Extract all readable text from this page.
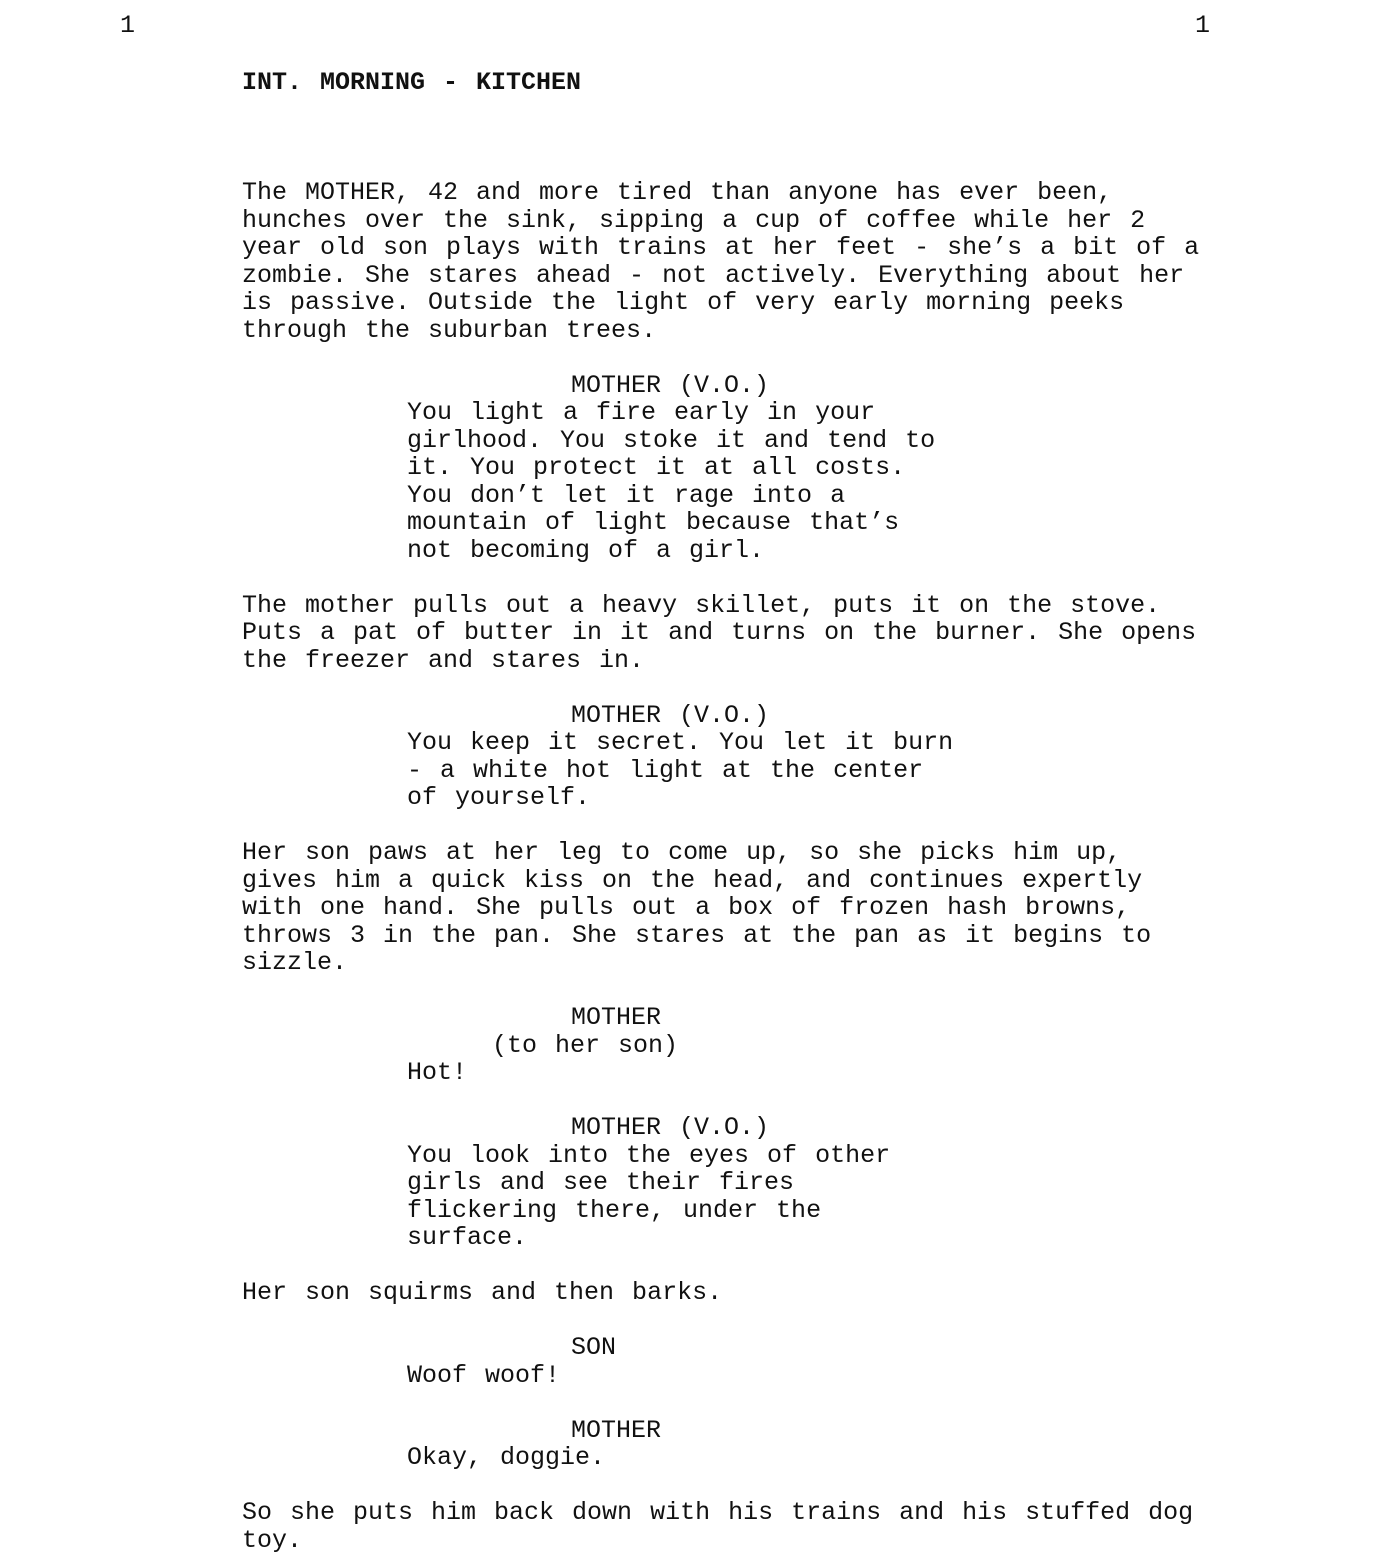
1	1

INT. MORNING - KITCHEN

The MOTHER, 42 and more tired than anyone has ever been,
hunches over the sink, sipping a cup of coffee while her 2
year old son plays with trains at her feet - she’s a bit of a
zombie. She stares ahead - not actively. Everything about her
is passive. Outside the light of very early morning peeks
through the suburban trees.
MOTHER (V.O.)
You light a fire early in your
girlhood. You stoke it and tend to
it. You protect it at all costs.
You don’t let it rage into a
mountain of light because that’s
not becoming of a girl.
The mother pulls out a heavy skillet, puts it on the stove.
Puts a pat of butter in it and turns on the burner. She opens
the freezer and stares in.
MOTHER (V.O.)
You keep it secret. You let it burn
- a white hot light at the center
of yourself.
Her son paws at her leg to come up, so she picks him up,
gives him a quick kiss on the head, and continues expertly
with one hand. She pulls out a box of frozen hash browns,
throws 3 in the pan. She stares at the pan as it begins to
sizzle.
MOTHER
(to her son)
Hot!
MOTHER (V.O.)
You look into the eyes of other
girls and see their fires
flickering there, under the
surface.
Her son squirms and then barks.
SON
Woof woof!
MOTHER
Okay, doggie.
So she puts him back down with his trains and his stuffed dog
toy.
